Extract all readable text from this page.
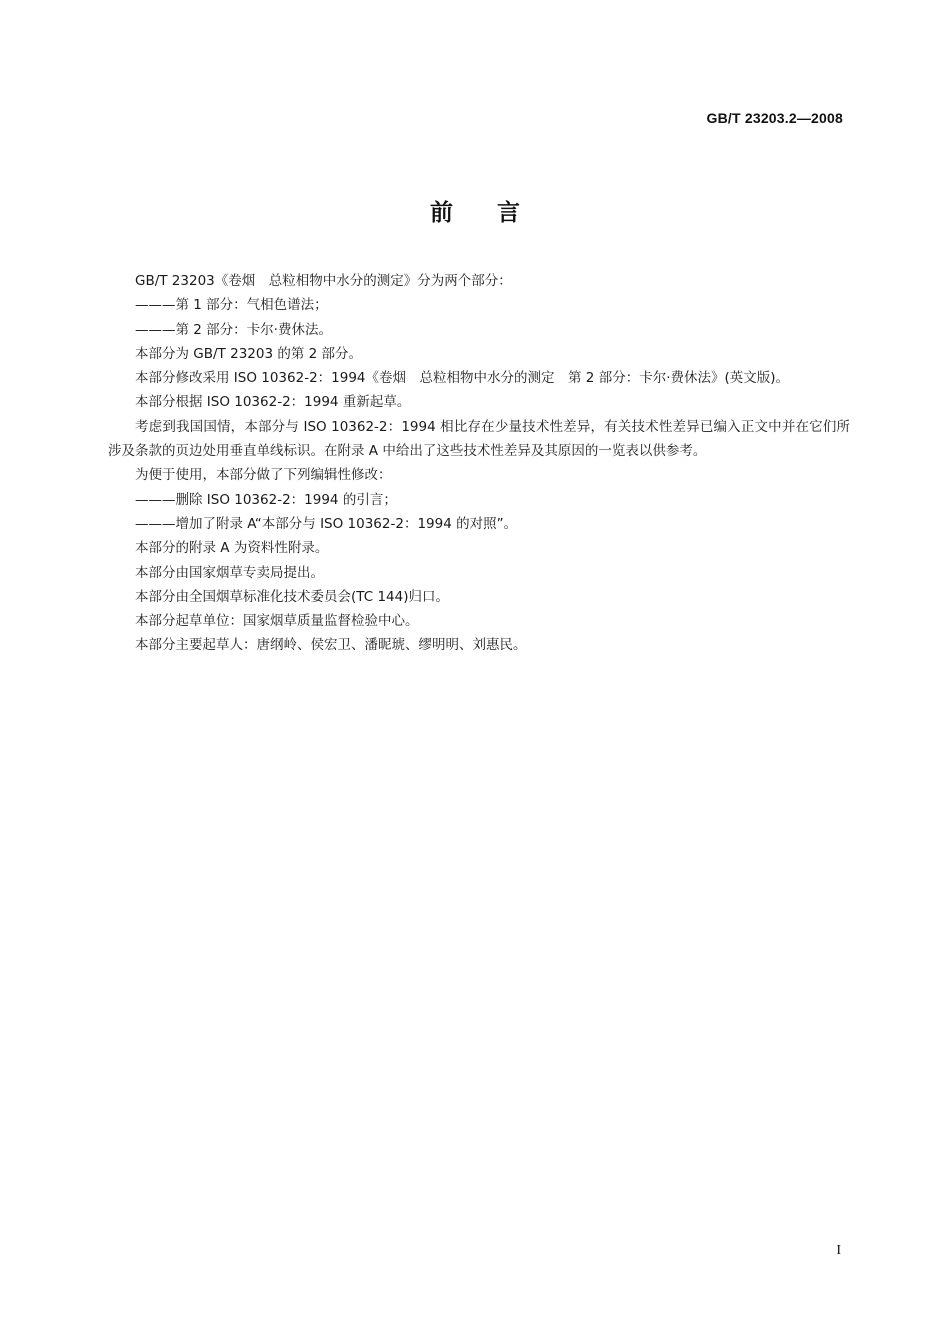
GB/T 23203.2—2008
前言

GB/T 23203《卷烟　总粒相物中水分的测定》分为两个部分：

———第 1 部分：气相色谱法；

———第 2 部分：卡尔·费休法。

本部分为 GB/T 23203 的第 2 部分。

本部分修改采用 ISO 10362-2：1994《卷烟　总粒相物中水分的测定　第 2 部分：卡尔·费休法》(英文版)。

本部分根据 ISO 10362-2：1994 重新起草。

考虑到我国国情，本部分与 ISO 10362-2：1994 相比存在少量技术性差异，有关技术性差异已编入正文中并在它们所涉及条款的页边处用垂直单线标识。在附录 A 中给出了这些技术性差异及其原因的一览表以供参考。

为便于使用，本部分做了下列编辑性修改：

———删除 ISO 10362-2：1994 的引言；

———增加了附录 A“本部分与 ISO 10362-2：1994 的对照”。

本部分的附录 A 为资料性附录。

本部分由国家烟草专卖局提出。

本部分由全国烟草标准化技术委员会(TC 144)归口。

本部分起草单位：国家烟草质量监督检验中心。

本部分主要起草人：唐纲岭、侯宏卫、潘昵琥、缪明明、刘惠民。

I
